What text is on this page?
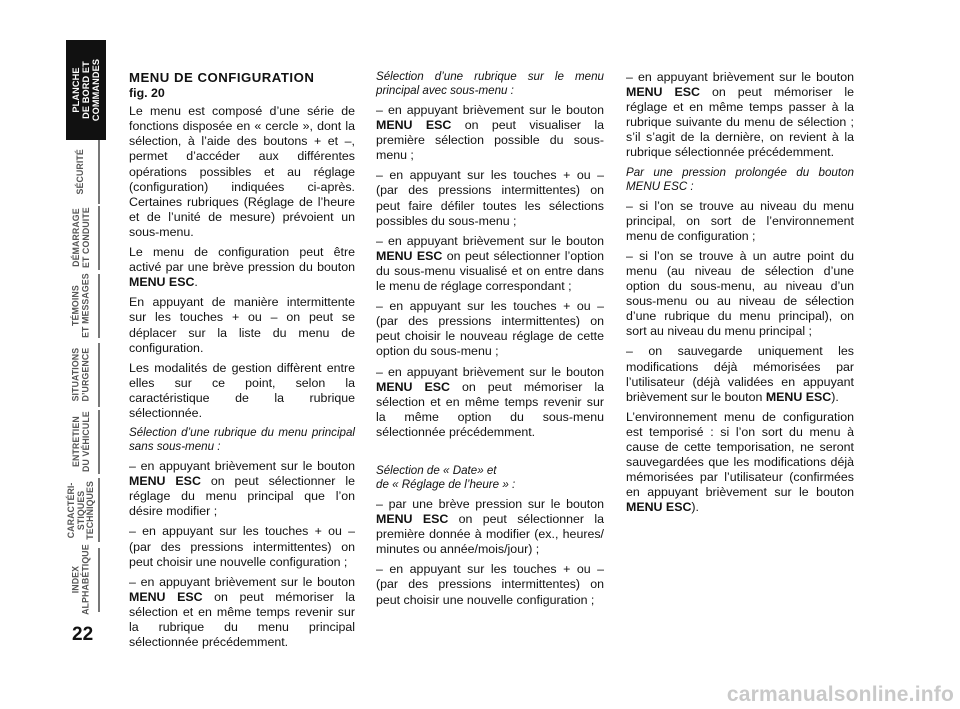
PLANCHE DE BORD ET COMMANDES
SÉCURITÉ
DÉMARRAGE ET CONDUITE
TÉMOINS ET MESSAGES
SITUATIONS D’URGENCE
ENTRETIEN DU VÉHICULE
CARACTÉRI- STIQUES TECHNIQUES
INDEX ALPHABÉTIQUE
22

MENU DE CONFIGURATION

fig. 20

Le menu est composé d’une série de fonctions disposée en « cercle », dont la sélection, à l’aide des boutons + et –, permet d’accéder aux différentes opérations possibles et au réglage (configuration) indiquées ci-après. Certaines rubriques (Réglage de l’heure et de l’unité de mesure) prévoient un sous-menu.

Le menu de configuration peut être activé par une brève pression du bouton MENU ESC.

En appuyant de manière intermittente sur les touches + ou – on peut se déplacer sur la liste du menu de configuration.

Les modalités de gestion diffèrent entre elles sur ce point, selon la caractéristique de la rubrique sélectionnée.

Sélection d’une rubrique du menu principal sans sous-menu :

– en appuyant brièvement sur le bouton MENU ESC on peut sélectionner le réglage du menu principal que l’on désire modifier ;

– en appuyant sur les touches + ou – (par des pressions intermittentes) on peut choisir une nouvelle configuration ;

– en appuyant brièvement sur le bouton MENU ESC on peut mémoriser la sélection et en même temps revenir sur la rubrique du menu principal sélectionnée précédemment.

Sélection d’une rubrique sur le menu principal avec sous-menu :

– en appuyant brièvement sur le bouton MENU ESC on peut visualiser la première sélection possible du sous-menu ;

– en appuyant sur les touches + ou – (par des pressions intermittentes) on peut faire défiler toutes les sélections possibles du sous-menu ;

– en appuyant brièvement sur le bouton MENU ESC on peut sélectionner l’option du sous-menu visualisé et on entre dans le menu de réglage correspondant ;

– en appuyant sur les touches + ou – (par des pressions intermittentes) on peut choisir le nouveau réglage de cette option du sous-menu ;

– en appuyant brièvement sur le bouton MENU ESC on peut mémoriser la sélection et en même temps revenir sur la même option du sous-menu sélectionnée précédemment.

Sélection de « Date» et
de « Réglage de l’heure » :

– par une brève pression sur le bouton MENU ESC on peut sélectionner la première donnée à modifier (ex., heures/ minutes ou année/mois/jour) ;

– en appuyant sur les touches + ou – (par des pressions intermittentes) on peut choisir une nouvelle configuration ;

– en appuyant brièvement sur le bouton MENU ESC on peut mémoriser le réglage et en même temps passer à la rubrique suivante du menu de sélection ; s’il s’agit de la dernière, on revient à la rubrique sélectionnée précédemment.

Par une pression prolongée du bouton MENU ESC :

– si l’on se trouve au niveau du menu principal, on sort de l’environnement menu de configuration ;

– si l’on se trouve à un autre point du menu (au niveau de sélection d’une option du sous-menu, au niveau d’un sous-menu ou au niveau de sélection d’une rubrique du menu principal), on sort au niveau du menu principal ;

– on sauvegarde uniquement les modifications déjà mémorisées par l’utilisateur (déjà validées en appuyant brièvement sur le bouton MENU ESC).

L’environnement menu de configuration est temporisé : si l’on sort du menu à cause de cette temporisation, ne seront sauvegardées que les modifications déjà mémorisées par l’utilisateur (confirmées en appuyant brièvement sur le bouton MENU ESC).

carmanualsonline.info
